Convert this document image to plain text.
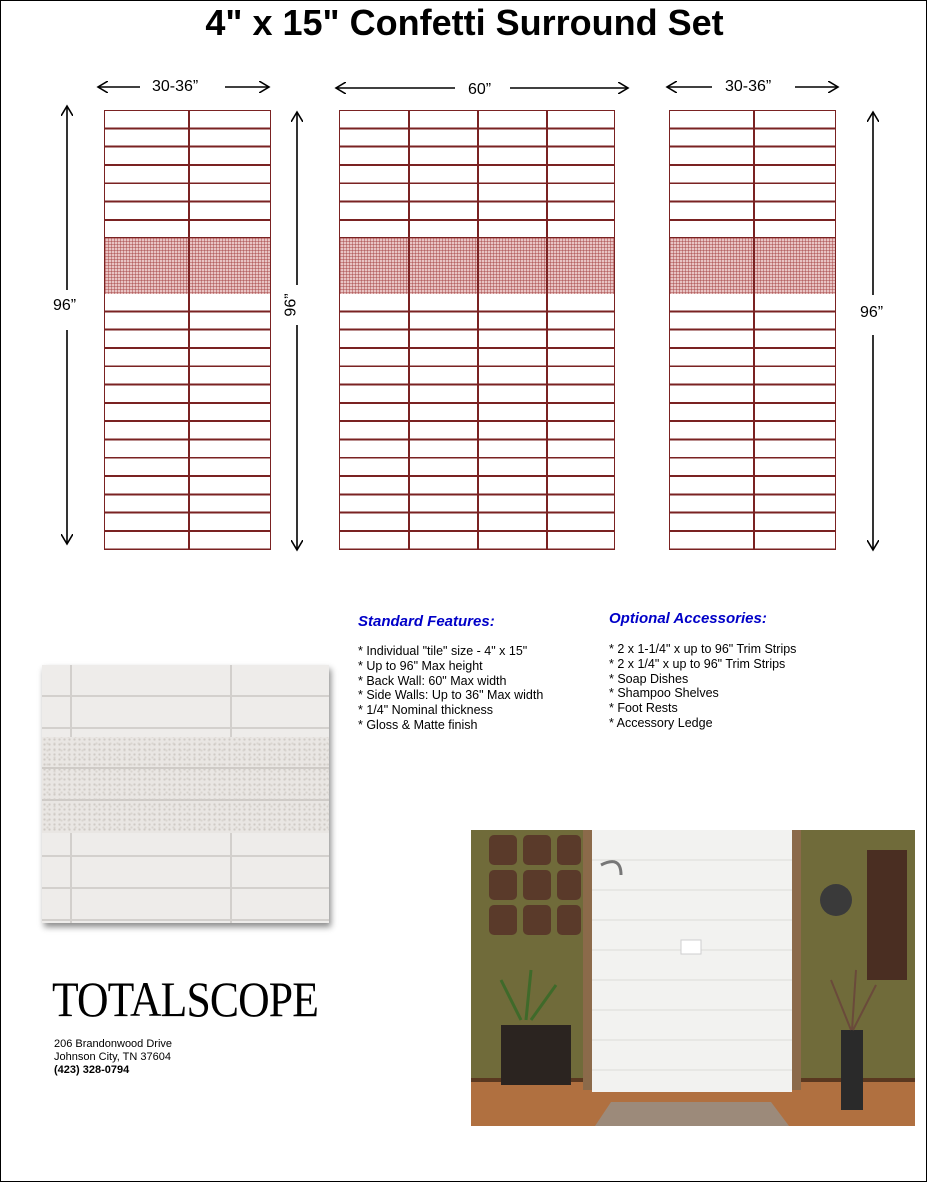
4" x 15" Confetti Surround Set
30-36”	60”	30-36”
96”	96”	96”
Standard Features:
* Individual "tile" size - 4" x 15"
* Up to 96" Max height
* Back Wall: 60" Max width
* Side Walls: Up to 36" Max width
* 1/4" Nominal thickness
* Gloss & Matte finish
Optional Accessories:
* 2 x 1-1/4" x up to 96" Trim Strips
* 2 x 1/4" x up to 96" Trim Strips
* Soap Dishes
* Shampoo Shelves
* Foot Rests
* Accessory Ledge
TOTALSCOPE
206 Brandonwood Drive
Johnson City, TN 37604
(423) 328-0794
